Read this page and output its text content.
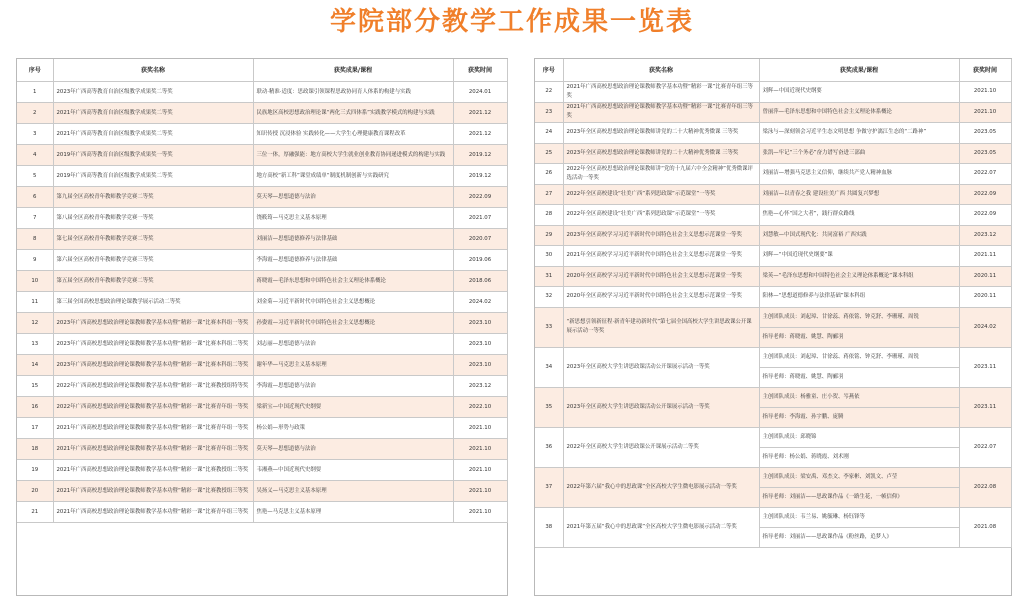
学院部分教学工作成果一览表
序号	获奖名称	获奖成果/课程	获奖时间
1	2023年广西高等教育自治区级教学成果奖二等奖	联动·精准·适度：思政课引领课程思政协同育人体系的构建与实践	2024.01
2	2021年广西高等教育自治区级教学成果奖二等奖	民族地区高校思想政治理论课“两化三式四体系”实践教学模式的构建与实践	2021.12
3	2021年广西高等教育自治区级教学成果奖二等奖	知识传授 沉浸体验 实践转化——大学生心理健康教育课程改革	2021.12
4	2019年广西高等教育自治区级教学成果奖一等奖	三位一体，厚融强能：地方高校大学生就业创业教育协同递进模式的构建与实践	2019.12
5	2019年广西高等教育自治区级教学成果奖二等奖	地方高校“新工科”课堂成绩单“制度机制创新与实践研究	2019.12
6	第九届全区高校青年教师教学竞赛二等奖	莫天琴—思想道德与法治	2022.09
7	第八届全区高校青年教师教学竞赛一等奖	饶筱筠—马克思主义基本原理	2021.07
8	第七届全区高校青年教师教学竞赛二等奖	刘丽洁—思想道德修养与法律基础	2020.07
9	第六届全区高校青年教师教学竞赛三等奖	李海霞—思想道德修养与法律基础	2019.06
10	第五届全区高校青年教师教学竞赛二等奖	蒋晓霞—毛泽东思想和中国特色社会主义理论体系概论	2018.06
11	第三届全国高校思想政治理论课教学展示活动二等奖	刘金菊—习近平新时代中国特色社会主义思想概论	2024.02
12	2023年广西高校思想政治理论课教师教学基本功暨“精彩一课”比赛本科组一等奖	孙姿霞—习近平新时代中国特色社会主义思想概论	2023.10
13	2023年广西高校思想政治理论课教师教学基本功暨“精彩一课”比赛本科组二等奖	刘志丽—思想道德与法治	2023.10
14	2023年广西高校思想政治理论课教师教学基本功暨“精彩一课”比赛本科组二等奖	谢年华—马克思主义基本原理	2023.10
15	2022年广西高校思想政治理论课教师教学基本功暨“精彩一课”比赛教授组特等奖	李海霞—思想道德与法治	2023.12
16	2022年广西高校思想政治理论课教师教学基本功暨“精彩一课”比赛青年组一等奖	梁新宝—中国近现代史纲要	2022.10
17	2021年广西高校思想政治理论课教师教学基本功暨“精彩一课”比赛青年组一等奖	杨公娟—形势与政策	2021.10
18	2021年广西高校思想政治理论课教师教学基本功暨“精彩一课”比赛青年组二等奖	莫天琴—思想道德与法治	2021.10
19	2021年广西高校思想政治理论课教师教学基本功暨“精彩一课”比赛教授组二等奖	韦湘燕—中国近现代史纲要	2021.10
20	2021年广西高校思想政治理论课教师教学基本功暨“精彩一课”比赛教授组三等奖	吴扬义—马克思主义基本原理	2021.10
21	2021年广西高校思想政治理论课教师教学基本功暨“精彩一课”比赛青年组三等奖	焦艳—马克思主义基本原理	2021.10
序号	获奖名称	获奖成果/课程	获奖时间
22	2021年广西高校思想政治理论课教师教学基本功暨“精彩一课”比赛青年组三等奖	刘辉—中国近现代史纲要	2021.10
23	2021年广西高校思想政治理论课教师教学基本功暨“精彩一课”比赛青年组三等奖	曾丽萍—毛泽东思想和中国特色社会主义理论体系概论	2021.10
24	2023年全区高校思想政治理论课教师讲党的二十大精神优秀微课 三等奖	梁泳与—深刻领会习近平生态文明思想 争做守护漓江生态的“二路神”	2023.05
25	2023年全区高校思想政治理论课教师讲党的二十大精神优秀微课 三等奖	张凯—牢记“三个务必”奋力谱写奋进三部曲	2023.05
26	2022年全区高校思想政治理论课教师讲“党的十九届六中全会精神”优秀微课评选活动一等奖	刘丽洁—增强马克思主义信仰，继续共产党人精神血脉	2022.07
27	2022年全区高校建设“壮美广西”系列思政课”示范课堂”一等奖	刘丽洁—以青春之我 建设壮美广西 共圆复兴梦想	2022.09
28	2022年全区高校建设“壮美广西”系列思政课”示范课堂”一等奖	焦艳—心怀“国之大者”，践行群众路线	2022.09
29	2023年全区高校学习习近平新时代中国特色社会主义思想示范课堂一等奖	刘慧敏—中国式现代化：共同富裕 广西实践	2023.12
30	2021年全区高校学习习近平新时代中国特色社会主义思想示范课堂一等奖	刘辉—“中国近现代史纲要”课	2021.11
31	2020年全区高校学习习近平新时代中国特色社会主义思想示范课堂一等奖	梁英—“毛泽东思想和中国特色社会主义理论体系概论”课本科组	2020.11
32	2020年全区高校学习习近平新时代中国特色社会主义思想示范课堂一等奖	阳林—“思想道德修养与法律基础”课本科组	2020.11
33	“新思想引领新征程·新青年建功新时代”第七届全国高校大学生讲思政课公开课展示活动一等奖	主创团队成员：刘起璋、甘徐蕊、蒋依铭、钟克舒、李珊瑾、周锐
指导老师：蒋晓霞、姚慧、陶郦羽	2024.02
34	2023年全区高校大学生讲思政课活动公开课展示活动一等奖	主创团队成员：刘起璋、甘徐蕊、蒋依铭、钟克舒、李珊瑾、周锐
指导老师：蒋晓霞、姚慧、陶郦羽	2023.11
35	2023年全区高校大学生讲思政课活动公开课展示活动一等奖	主创团队成员：杨雅童、庄小贺、岑燕依
指导老师：李海霞、孙宇鹏、庞腾	2023.11
36	2022年全区高校大学生讲思政课公开课展示活动二等奖	主创团队成员：邱晓锦
指导老师：杨公娟、蒋晓霞、刘术刚	2022.07
37	2022年第六届“我心中的思政课”全区高校大学生微电影展示活动一等奖	主创团队成员：梁安禹、邓杰文、李家彬、刘凯文、卢莹
指导老师：刘丽洁——思政课作品《一路生花，一帧信仰》	2022.08
38	2021年第五届“我心中的思政课”全区高校大学生微电影展示活动二等奖	主创团队成员：韦兰易、姚毓琳、杨钰锋等
指导老师：刘丽洁——思政课作品《粉丝路，追梦人》	2021.08
